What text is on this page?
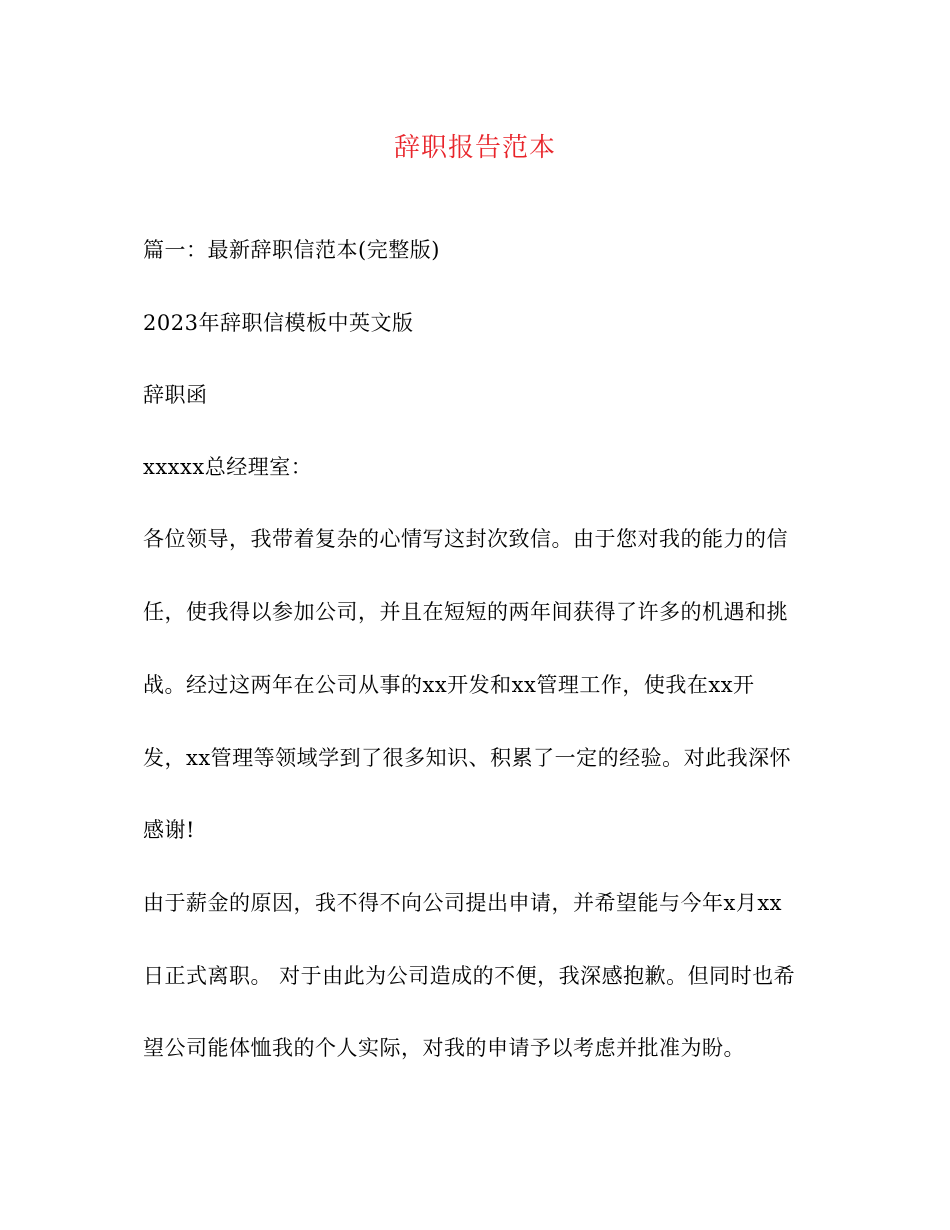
辞职报告范本
篇一：最新辞职信范本(完整版)
2023年辞职信模板中英文版
辞职函
xxxxx总经理室：
各位领导，我带着复杂的心情写这封次致信。由于您对我的能力的信
任，使我得以参加公司，并且在短短的两年间获得了许多的机遇和挑
战。经过这两年在公司从事的xx开发和xx管理工作，使我在xx开
发，xx管理等领域学到了很多知识、积累了一定的经验。对此我深怀
感谢!
由于薪金的原因，我不得不向公司提出申请，并希望能与今年x月xx
日正式离职。 对于由此为公司造成的不便，我深感抱歉。但同时也希
望公司能体恤我的个人实际，对我的申请予以考虑并批准为盼。
